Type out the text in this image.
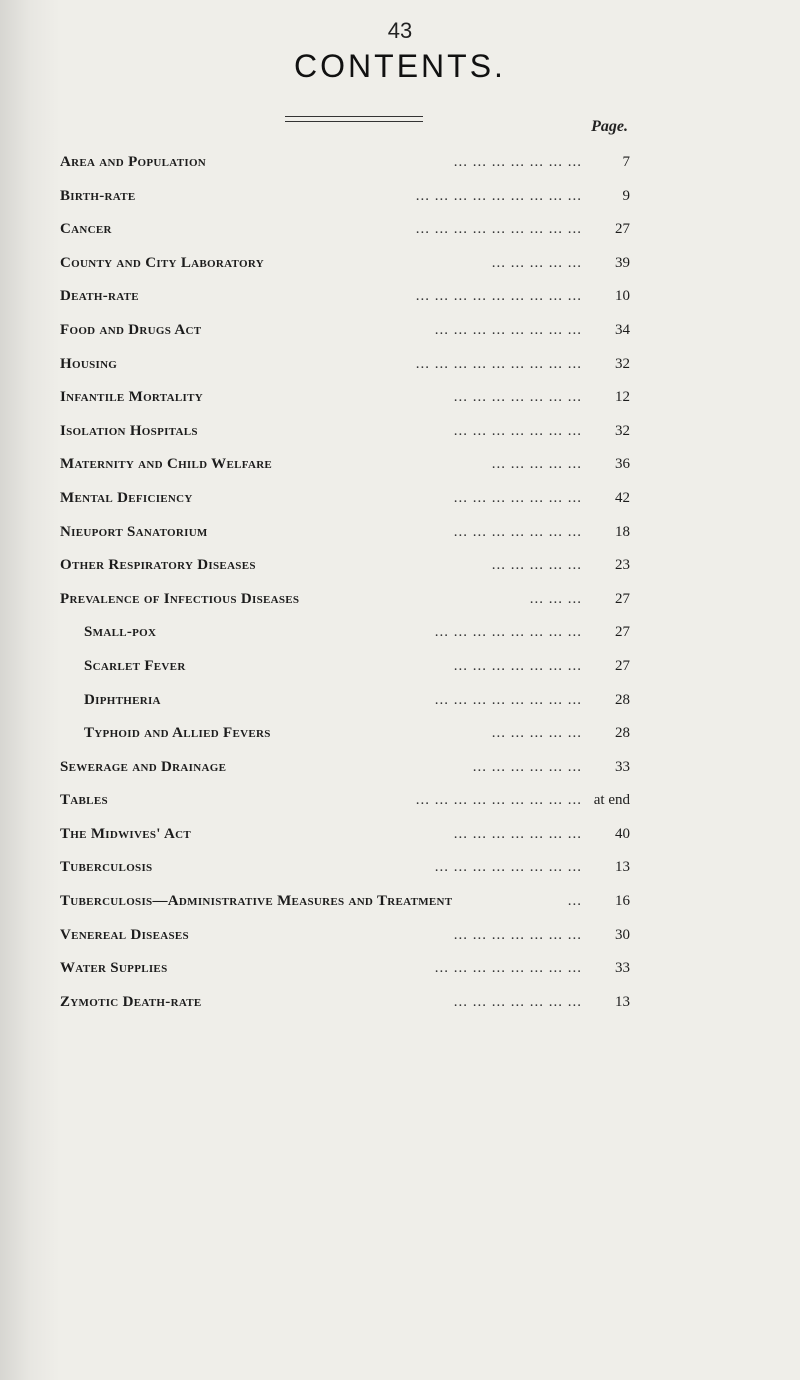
43
CONTENTS.
Page.
Area and Population	... ... ... ... ... ... ...	7
Birth-rate	... ... ... ... ... ... ... ... ...	9
Cancer	... ... ... ... ... ... ... ... ...	27
County and City Laboratory	... ... ... ... ...	39
Death-rate	... ... ... ... ... ... ... ... ...	10
Food and Drugs Act	... ... ... ... ... ... ... ...	34
Housing	... ... ... ... ... ... ... ... ...	32
Infantile Mortality	... ... ... ... ... ... ...	12
Isolation Hospitals	... ... ... ... ... ... ...	32
Maternity and Child Welfare	... ... ... ... ...	36
Mental Deficiency	... ... ... ... ... ... ...	42
Nieuport Sanatorium	... ... ... ... ... ... ...	18
Other Respiratory Diseases	... ... ... ... ...	23
Prevalence of Infectious Diseases	... ... ...	27
Small-pox	... ... ... ... ... ... ... ...	27
Scarlet Fever	... ... ... ... ... ... ...	27
Diphtheria	... ... ... ... ... ... ... ...	28
Typhoid and Allied Fevers	... ... ... ... ...	28
Sewerage and Drainage	... ... ... ... ... ...	33
Tables	... ... ... ... ... ... ... ... ... at end
The Midwives' Act	... ... ... ... ... ... ...	40
Tuberculosis	... ... ... ... ... ... ... ...	13
Tuberculosis—Administrative Measures and Treatment	...	16
Venereal Diseases	... ... ... ... ... ... ...	30
Water Supplies	... ... ... ... ... ... ... ...	33
Zymotic Death-rate	... ... ... ... ... ... ...	13
